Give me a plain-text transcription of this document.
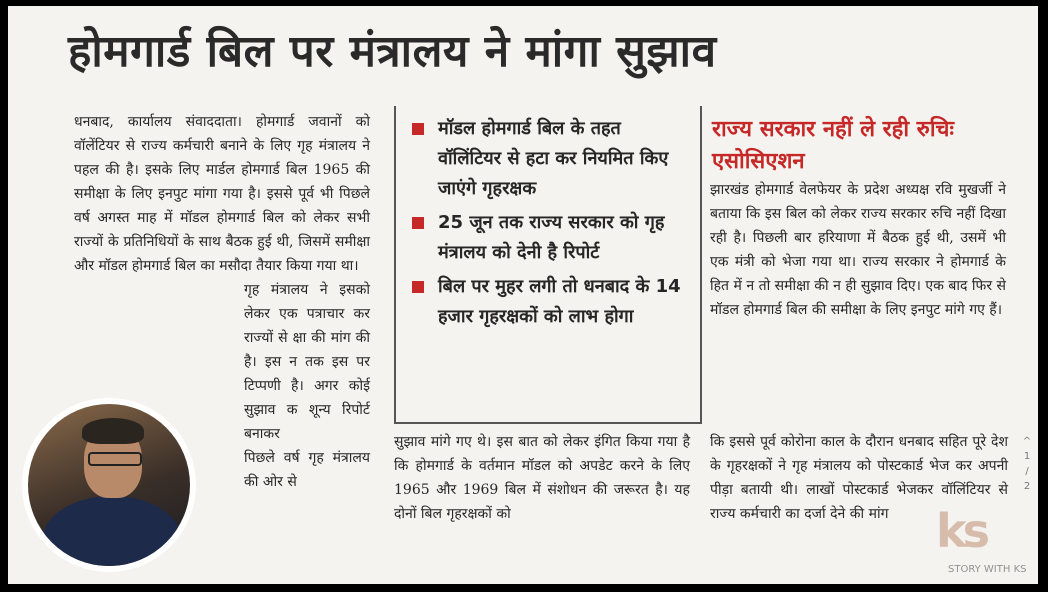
होमगार्ड बिल पर मंत्रालय ने मांगा सुझाव

धनबाद, कार्यालय संवाददाता। होमगार्ड जवानों को वॉलेंटियर से राज्य कर्मचारी बनाने के लिए गृह मंत्रालय ने पहल की है। इसके लिए मार्डल होमगार्ड बिल 1965 की समीक्षा के लिए इनपुट मांगा गया है। इससे पूर्व भी पिछले वर्ष अगस्त माह में मॉडल होमगार्ड बिल को लेकर सभी राज्यों के प्रतिनिधियों के साथ बैठक हुई थी, जिसमें समीक्षा और मॉडल होमगार्ड बिल का मसौदा तैयार किया गया था।

गृह मंत्रालय ने इसको लेकर एक पत्राचार कर राज्यों से क्षा की मांग की है। इस न तक इस पर टिप्पणी है। अगर कोई सुझाव क शून्य रिपोर्ट बनाकर

पिछले वर्ष गृह मंत्रालय की ओर से

मॉडल होमगार्ड बिल के तहत वॉलिंटियर से हटा कर नियमित किए जाएंगे गृहरक्षक
25 जून तक राज्य सरकार को गृह मंत्रालय को देनी है रिपोर्ट
बिल पर मुहर लगी तो धनबाद के 14 हजार गृहरक्षकों को लाभ होगा

सुझाव मांगे गए थे। इस बात को लेकर इंगित किया गया है कि होमगार्ड के वर्तमान मॉडल को अपडेट करने के लिए 1965 और 1969 बिल में संशोधन की जरूरत है। यह दोनों बिल गृहरक्षकों को

राज्य सरकार नहीं ले रही रुचिः एसोसिएशन

झारखंड होमगार्ड वेलफेयर के प्रदेश अध्यक्ष रवि मुखर्जी ने बताया कि इस बिल को लेकर राज्य सरकार रुचि नहीं दिखा रही है। पिछली बार हरियाणा में बैठक हुई थी, उसमें भी एक मंत्री को भेजा गया था। राज्य सरकार ने होमगार्ड के हित में न तो समीक्षा की न ही सुझाव दिए। एक बाद फिर से मॉडल होमगार्ड बिल की समीक्षा के लिए इनपुट मांगे गए हैं।

कि इससे पूर्व कोरोना काल के दौरान धनबाद सहित पूरे देश के गृहरक्षकों ने गृह मंत्रालय को पोस्टकार्ड भेज कर अपनी पीड़ा बतायी थी। लाखों पोस्टकार्ड भेजकर वॉलिंटियर से राज्य कर्मचारी का दर्जा देने की मांग

^
1
/
2
ks
STORY WITH KS
